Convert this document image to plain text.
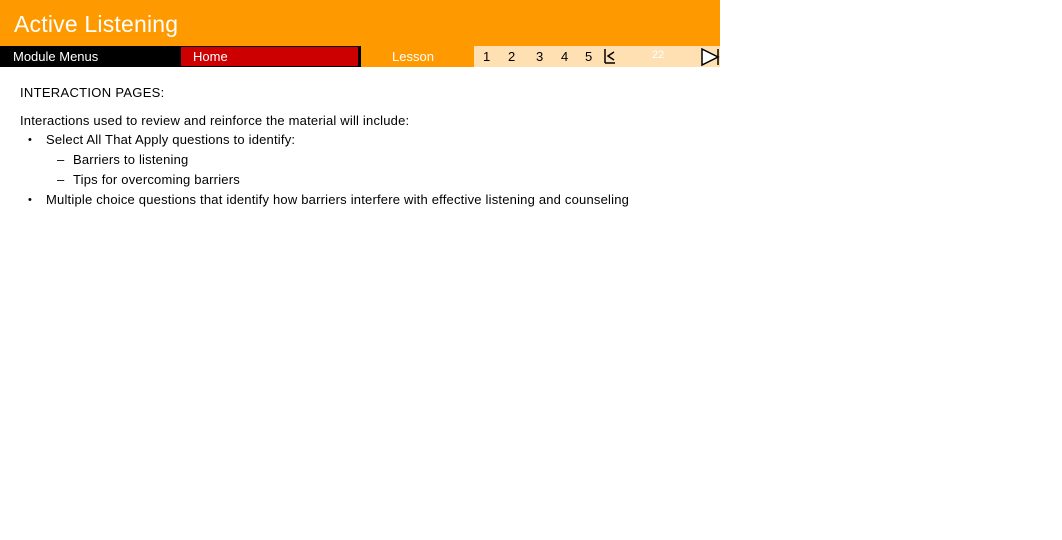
Active Listening	Overcoming Barriers to Listening
Module Menus	Home	Lesson	1 2 3 4 5	22
INTERACTION PAGES:
Interactions used to review and reinforce the material will include:
• Select All That Apply questions to identify:
– Barriers to listening
– Tips for overcoming barriers
• Multiple choice questions that identify how barriers interfere with effective listening and counseling
